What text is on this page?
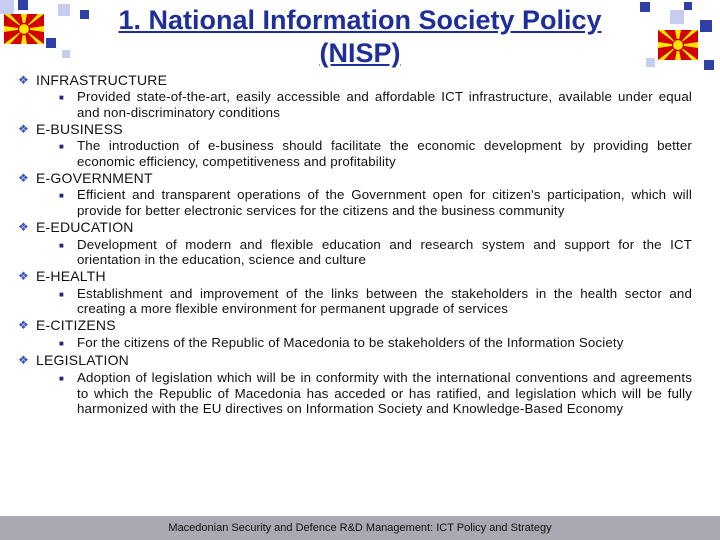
1. National Information Society Policy (NISP)
❖ INFRASTRUCTURE
■ Provided state-of-the-art, easily accessible and affordable ICT infrastructure, available under equal and non-discriminatory conditions
❖ E-BUSINESS
■ The introduction of e-business should facilitate the economic development by providing better economic efficiency, competitiveness and profitability
❖ E-GOVERNMENT
■ Efficient and transparent operations of the Government open for citizen's participation, which will provide for better electronic services for the citizens and the business community
❖ E-EDUCATION
■ Development of modern and flexible education and research system and support for the ICT orientation in the education, science and culture
❖ E-HEALTH
■ Establishment and improvement of the links between the stakeholders in the health sector and creating a more flexible environment for permanent upgrade of services
❖ E-CITIZENS
■ For the citizens of the Republic of Macedonia to be stakeholders of the Information Society
❖ LEGISLATION
■ Adoption of legislation which will be in conformity with the international conventions and agreements to which the Republic of Macedonia has acceded or has ratified, and legislation which will be fully harmonized with the EU directives on Information Society and Knowledge-Based Economy
Macedonian Security and Defence R&D Management: ICT Policy and Strategy
